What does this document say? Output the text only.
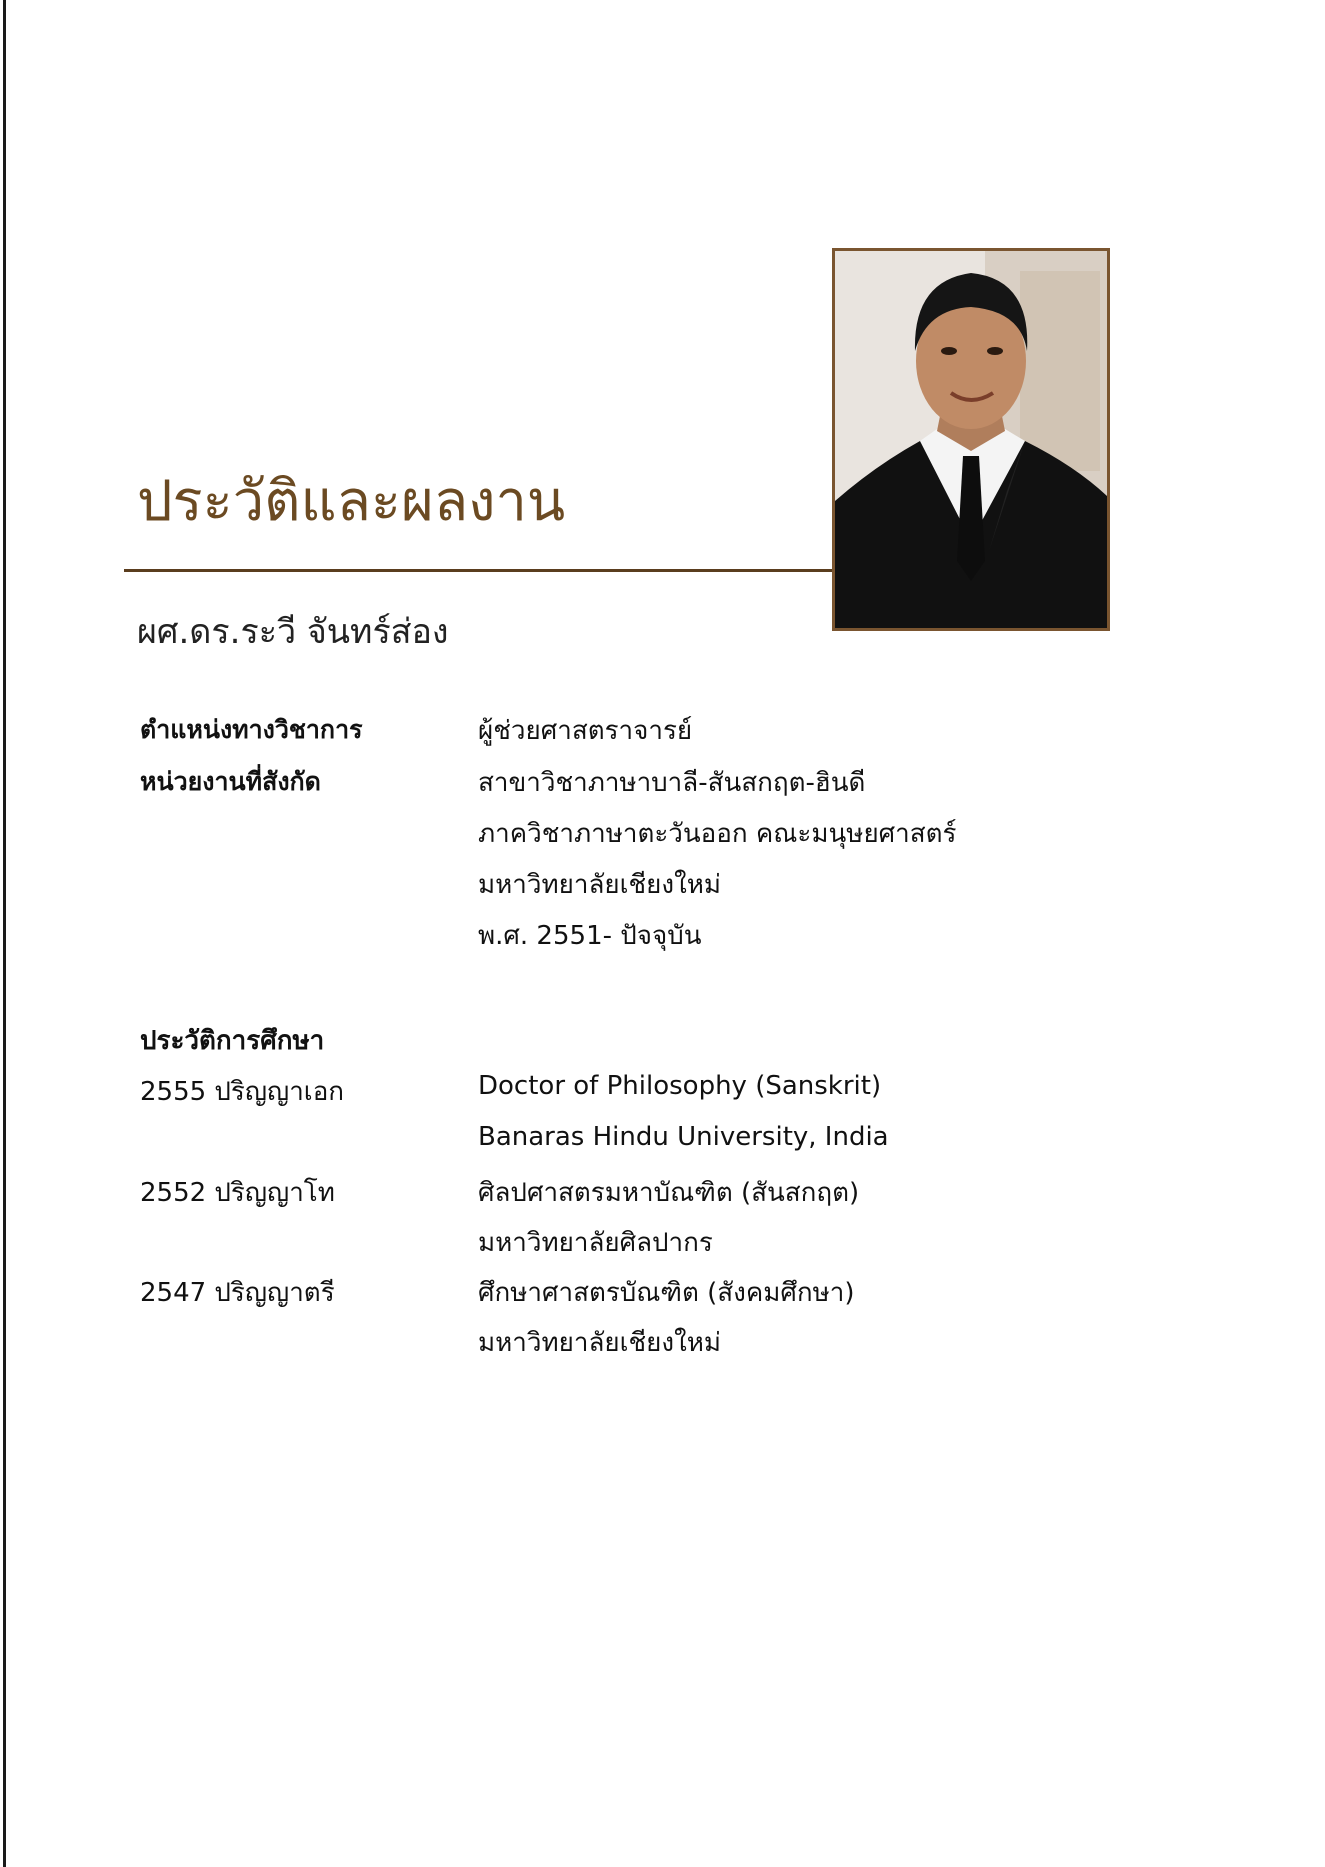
ประวัติและผลงาน
ผศ.ดร.ระวี จันทร์ส่อง
ตำแหน่งทางวิชาการ	ผู้ช่วยศาสตราจารย์
หน่วยงานที่สังกัด	สาขาวิชาภาษาบาลี-สันสกฤต-ฮินดี
ภาควิชาภาษาตะวันออก คณะมนุษยศาสตร์
มหาวิทยาลัยเชียงใหม่
พ.ศ. 2551- ปัจจุบัน
ประวัติการศึกษา
2555 ปริญญาเอก	Doctor of Philosophy (Sanskrit)
Banaras Hindu University, India
2552 ปริญญาโท	ศิลปศาสตรมหาบัณฑิต (สันสกฤต)
มหาวิทยาลัยศิลปากร
2547 ปริญญาตรี	ศึกษาศาสตรบัณฑิต (สังคมศึกษา)
มหาวิทยาลัยเชียงใหม่
